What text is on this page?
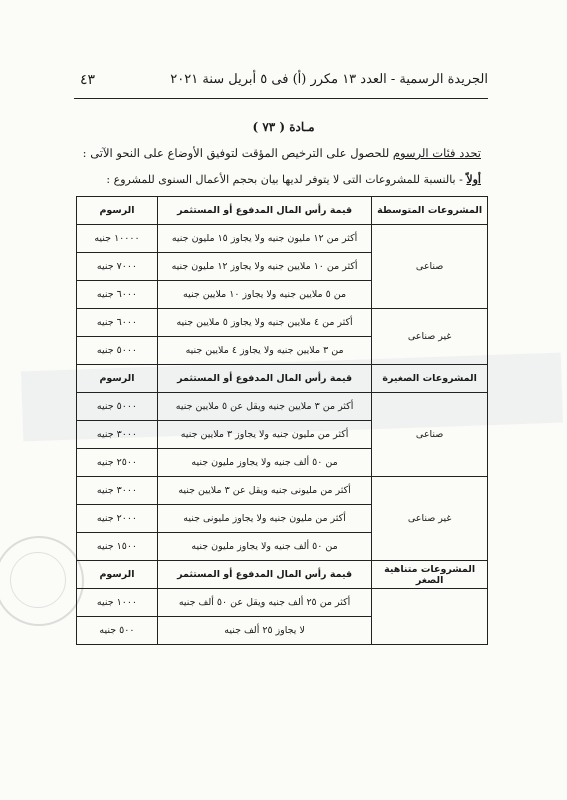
الجريدة الرسمية - العدد ١٣ مكرر (أ) فى ٥ أبريل سنة ٢٠٢١
٤٣
مـادة ( ٧٣ )
تحدد فئات الرسوم للحصول على الترخيص المؤقت لتوفيق الأوضاع على النحو الآتى :
أولاً - بالنسبة للمشروعات التى لا يتوفر لديها بيان بحجم الأعمال السنوى للمشروع :
المشروعات المتوسطة	قيمة رأس المال المدفوع أو المستثمر	الرسوم
صناعى	أكثر من ١٢ مليون جنيه ولا يجاوز ١٥ مليون جنيه	١٠٠٠٠ جنيه
	أكثر من ١٠ ملايين جنيه ولا يجاوز ١٢ مليون جنيه	٧٠٠٠ جنيه
	من ٥ ملايين جنيه ولا يجاوز ١٠ ملايين جنيه	٦٠٠٠ جنيه
غير صناعى	أكثر من ٤ ملايين جنيه ولا يجاوز ٥ ملايين جنيه	٦٠٠٠ جنيه
	من ٣ ملايين جنيه ولا يجاوز ٤ ملايين جنيه	٥٠٠٠ جنيه
المشروعات الصغيرة	قيمة رأس المال المدفوع أو المستثمر	الرسوم
صناعى	أكثر من ٣ ملايين جنيه ويقل عن ٥ ملايين جنيه	٥٠٠٠ جنيه
	أكثر من مليون جنيه ولا يجاوز ٣ ملايين جنيه	٣٠٠٠ جنيه
	من ٥٠ ألف جنيه ولا يجاوز مليون جنيه	٢٥٠٠ جنيه
غير صناعى	أكثر من مليونى جنيه ويقل عن ٣ ملايين جنيه	٣٠٠٠ جنيه
	أكثر من مليون جنيه ولا يجاوز مليونى جنيه	٢٠٠٠ جنيه
	من ٥٠ ألف جنيه ولا يجاوز مليون جنيه	١٥٠٠ جنيه
المشروعات متناهية الصغر	قيمة رأس المال المدفوع أو المستثمر	الرسوم
	أكثر من ٢٥ ألف جنيه ويقل عن ٥٠ ألف جنيه	١٠٠٠ جنيه
	لا يجاوز ٢٥ ألف جنيه	٥٠٠ جنيه
